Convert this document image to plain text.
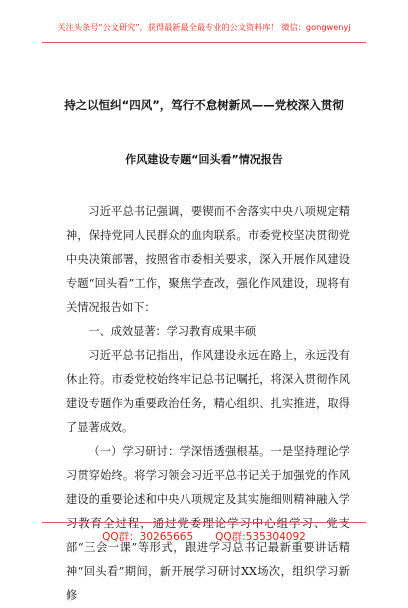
关注头条号“公文研究”，获得最新最全最专业的公文资料库！ 微信：gongwenyj
持之以恒纠“四风”，笃行不怠树新风——党校深入贯彻
作风建设专题“回头看”情况报告

习近平总书记强调，要锲而不舍落实中央八项规定精神，保持党同人民群众的血肉联系。市委党校坚决贯彻党中央决策部署，按照省市委相关要求，深入开展作风建设专题“回头看”工作，聚焦学查改，强化作风建设，现将有关情况报告如下：

一、成效显著：学习教育成果丰硕

习近平总书记指出，作风建设永远在路上，永远没有休止符。市委党校始终牢记总书记嘱托，将深入贯彻作风建设专题作为重要政治任务，精心组织、扎实推进，取得了显著成效。

（一）学习研讨：学深悟透强根基。一是坚持理论学习贯穿始终。将学习领会习近平总书记关于加强党的作风建设的重要论述和中央八项规定及其实施细则精神融入学习教育全过程，通过党委理论学习中心组学习、党支部“三会一课”等形式，跟进学习总书记最新重要讲话精神“回头看”期间，新开展学习研讨XX场次，组织学习新修

QQ群：30265665 QQ群:535304092
